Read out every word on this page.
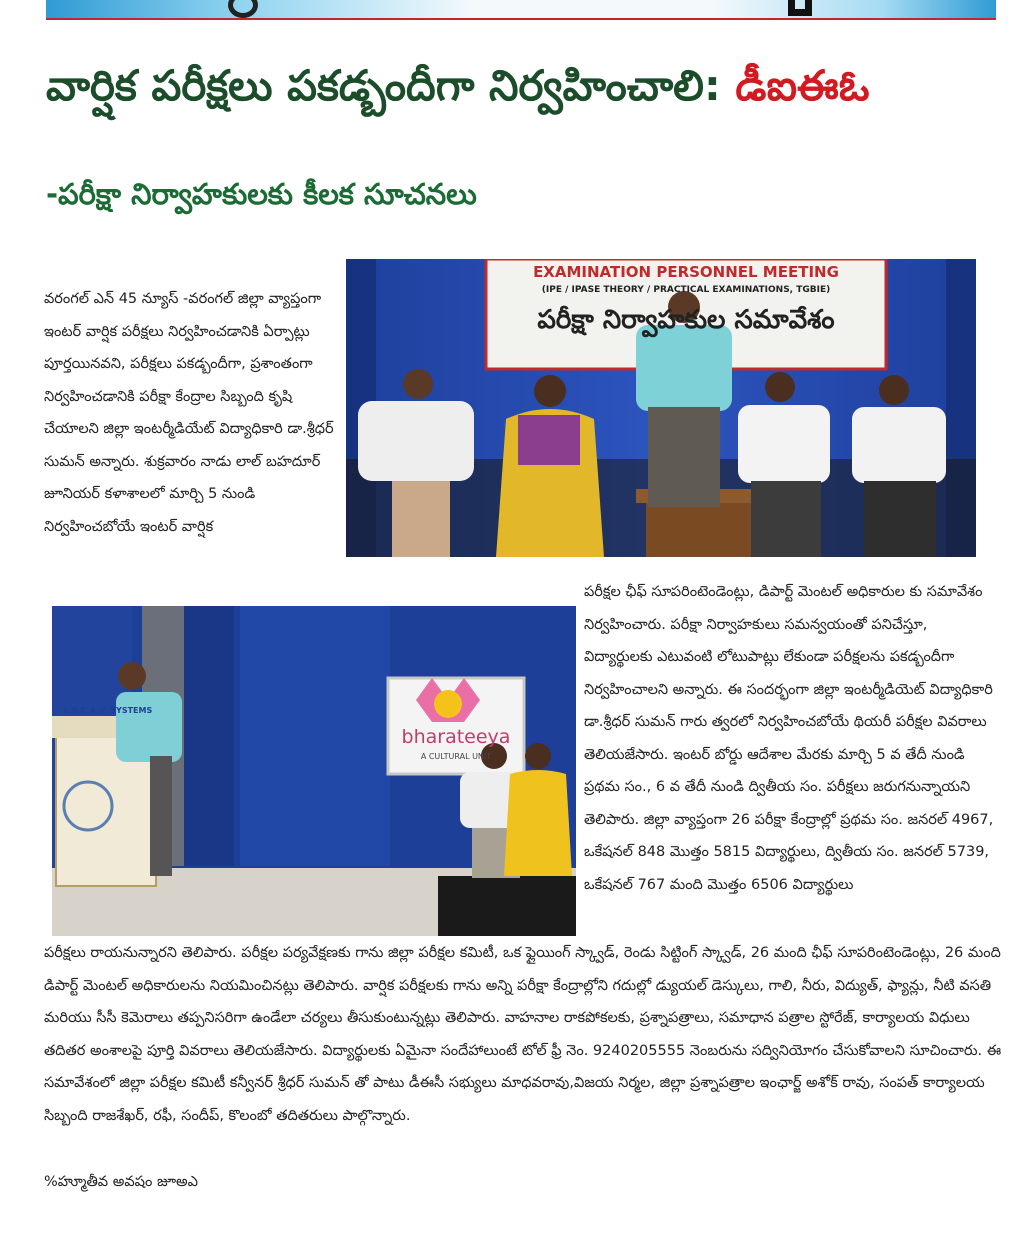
వార్షిక పరీక్షలు పకడ్బందీగా నిర్వహించాలి: డీఐఈఓ
-పరీక్షా నిర్వాహకులకు కీలక సూచనలు

వరంగల్ ఎన్ 45 న్యూస్ -వరంగల్ జిల్లా వ్యాప్తంగా ఇంటర్ వార్షిక పరీక్షలు నిర్వహించడానికి ఏర్పాట్లు పూర్తయినవని, పరీక్షలు పకడ్బందీగా, ప్రశాంతంగా నిర్వహించడానికి పరీక్షా కేంద్రాల సిబ్బంది కృషి చేయాలని జిల్లా ఇంటర్మీడియేట్ విద్యాధికారి డా.శ్రీధర్ సుమన్ అన్నారు. శుక్రవారం నాడు లాల్ బహదూర్ జూనియర్ కళాశాలలో మార్చి 5 నుండి నిర్వహించబోయే ఇంటర్ వార్షిక

EXAMINATION PERSONNEL MEETING
(IPE / IPASE THEORY / PRACTICAL EXAMINATIONS, TGBIE)
పరీక్షా నిర్వాహకుల సమావేశం
L.B.C.A.V. SYSTEMS
bharateeya
A CULTURAL UNIT

పరీక్షల ఛీఫ్ సూపరింటెండెంట్లు, డిపార్ట్ మెంటల్ అధికారుల కు సమావేశం నిర్వహించారు. పరీక్షా నిర్వాహకులు సమన్వయంతో పనిచేస్తూ, విద్యార్థులకు ఎటువంటి లోటుపాట్లు లేకుండా పరీక్షలను పకడ్బందీగా నిర్వహించాలని అన్నారు. ఈ సందర్భంగా జిల్లా ఇంటర్మీడియెట్ విద్యాధికారి డా.శ్రీధర్ సుమన్ గారు త్వరలో నిర్వహించబోయే థియరీ పరీక్షల వివరాలు తెలియజేసారు. ఇంటర్ బోర్డు ఆదేశాల మేరకు మార్చి 5 వ తేదీ నుండి ప్రథమ సం., 6 వ తేదీ నుండి ద్వితీయ సం. పరీక్షలు జరుగనున్నాయని తెలిపారు. జిల్లా వ్యాప్తంగా 26 పరీక్షా కేంద్రాల్లో ప్రథమ సం. జనరల్ 4967, ఒకేషనల్ 848 మొత్తం 5815 విద్యార్థులు, ద్వితీయ సం. జనరల్ 5739, ఒకేషనల్ 767 మంది మొత్తం 6506 విద్యార్థులు

పరీక్షలు రాయనున్నారని తెలిపారు. పరీక్షల పర్యవేక్షణకు గాను జిల్లా పరీక్షల కమిటీ, ఒక ఫ్లైయింగ్ స్క్వాడ్, రెండు సిట్టింగ్ స్క్వాడ్, 26 మంది ఛీఫ్ సూపరింటెండెంట్లు, 26 మంది డిపార్ట్ మెంటల్ అధికారులను నియమించినట్లు తెలిపారు. వార్షిక పరీక్షలకు గాను అన్ని పరీక్షా కేంద్రాల్లోని గదుల్లో డ్యుయల్ డెస్కులు, గాలి, నీరు, విద్యుత్, ఫ్యాన్లు, నీటి వసతి మరియు సీసీ కెమెరాలు తప్పనిసరిగా ఉండేలా చర్యలు తీసుకుంటున్నట్లు తెలిపారు. వాహనాల రాకపోకలకు, ప్రశ్నాపత్రాలు, సమాధాన పత్రాల స్టోరేజ్, కార్యాలయ విధులు తదితర అంశాలపై పూర్తి వివరాలు తెలియజేసారు. విద్యార్థులకు ఏమైనా సందేహాలుంటే టోల్ ఫ్రీ నెం. 9240205555 నెంబరును సద్వినియోగం చేసుకోవాలని సూచించారు. ఈ సమావేశంలో జిల్లా పరీక్షల కమిటీ కన్వీనర్ శ్రీధర్ సుమన్ తో పాటు డీఈసీ సభ్యులు మాధవరావు,విజయ నిర్మల, జిల్లా ప్రశ్నాపత్రాల ఇంఛార్జ్ అశోక్ రావు, సంపత్ కార్యాలయ సిబ్బంది రాజశేఖర్, రఫీ, సందీప్, కొలంబో తదితరులు పాల్గొన్నారు.

%హ్మూతీవ అవషం జూఅఎ
